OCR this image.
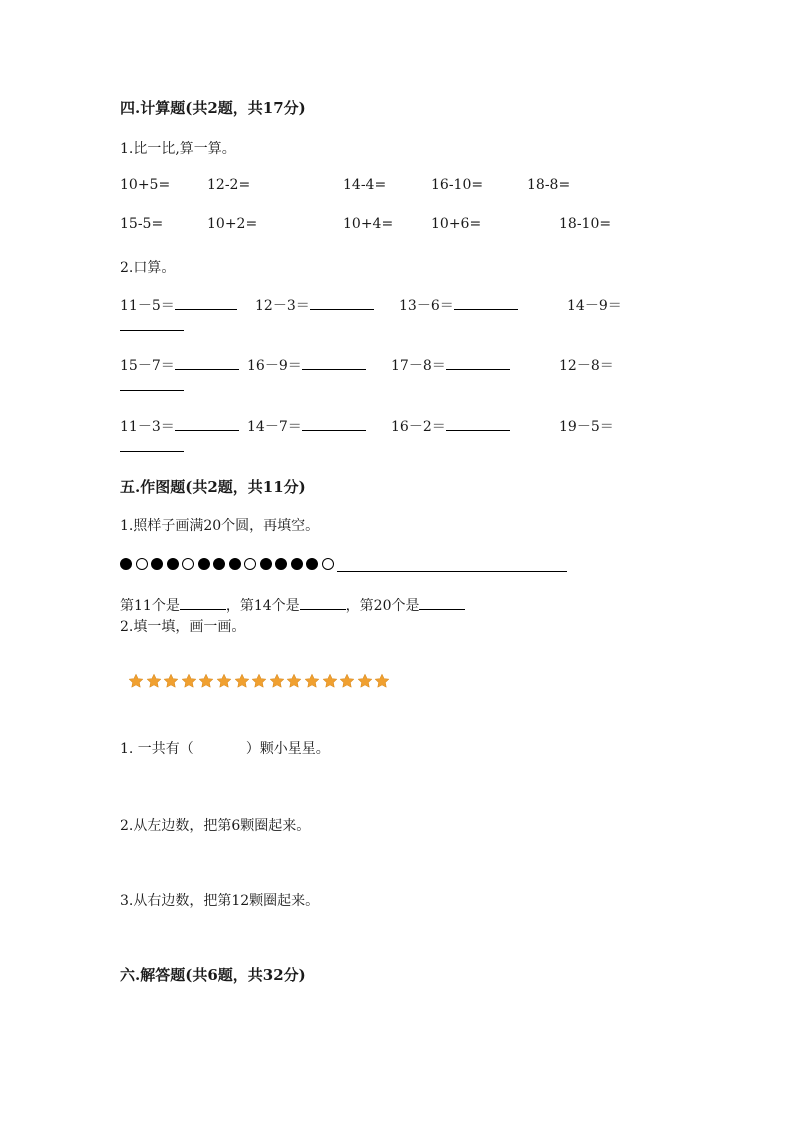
四.计算题(共2题，共17分)
1.比一比,算一算。
10+5=	12-2=	14-4=	16-10=	18-8=
15-5=	10+2=	10+4=	10+6=	18-10=
2.口算。
11－5＝	12－3＝	13－6＝	14－9＝
15－7＝	16－9＝	17－8＝	12－8＝
11－3＝	14－7＝	16－2＝	19－5＝
五.作图题(共2题，共11分)
1.照样子画满20个圆，再填空。
第11个是	，第14个是	，第20个是
2.填一填，画一画。
1. 一共有（	）颗小星星。
2.从左边数，把第6颗圈起来。
3.从右边数，把第12颗圈起来。
六.解答题(共6题，共32分)
